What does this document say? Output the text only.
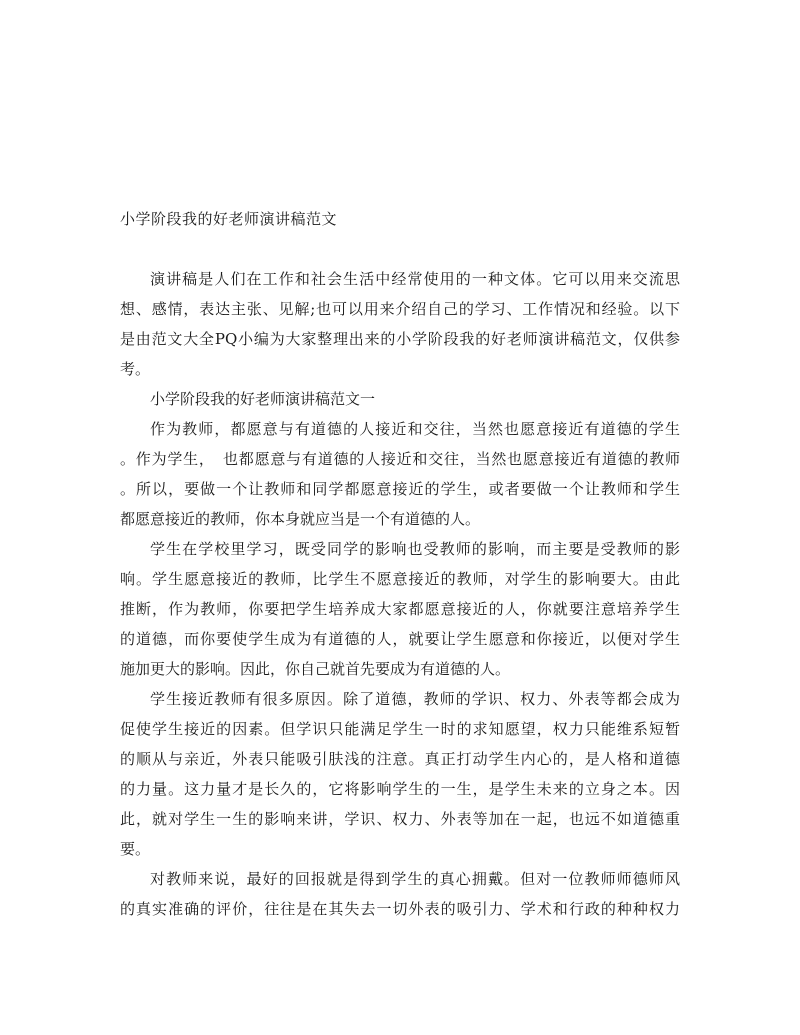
小学阶段我的好老师演讲稿范文
演讲稿是人们在工作和社会生活中经常使用的一种文体。它可以用来交流思
想、感情，表达主张、见解;也可以用来介绍自己的学习、工作情况和经验。以下
是由范文大全PQ小编为大家整理出来的小学阶段我的好老师演讲稿范文，仅供参
考。
小学阶段我的好老师演讲稿范文一
作为教师，都愿意与有道德的人接近和交往，当然也愿意接近有道德的学生
。作为学生，　也都愿意与有道德的人接近和交往，当然也愿意接近有道德的教师
。所以，要做一个让教师和同学都愿意接近的学生，或者要做一个让教师和学生
都愿意接近的教师，你本身就应当是一个有道德的人。
学生在学校里学习，既受同学的影响也受教师的影响，而主要是受教师的影
响。学生愿意接近的教师，比学生不愿意接近的教师，对学生的影响要大。由此
推断，作为教师，你要把学生培养成大家都愿意接近的人，你就要注意培养学生
的道德，而你要使学生成为有道德的人，就要让学生愿意和你接近，以便对学生
施加更大的影响。因此，你自己就首先要成为有道德的人。
学生接近教师有很多原因。除了道德，教师的学识、权力、外表等都会成为
促使学生接近的因素。但学识只能满足学生一时的求知愿望，权力只能维系短暂
的顺从与亲近，外表只能吸引肤浅的注意。真正打动学生内心的，是人格和道德
的力量。这力量才是长久的，它将影响学生的一生，是学生未来的立身之本。因
此，就对学生一生的影响来讲，学识、权力、外表等加在一起，也远不如道德重
要。
对教师来说，最好的回报就是得到学生的真心拥戴。但对一位教师师德师风
的真实准确的评价，往往是在其失去一切外表的吸引力、学术和行政的种种权力
